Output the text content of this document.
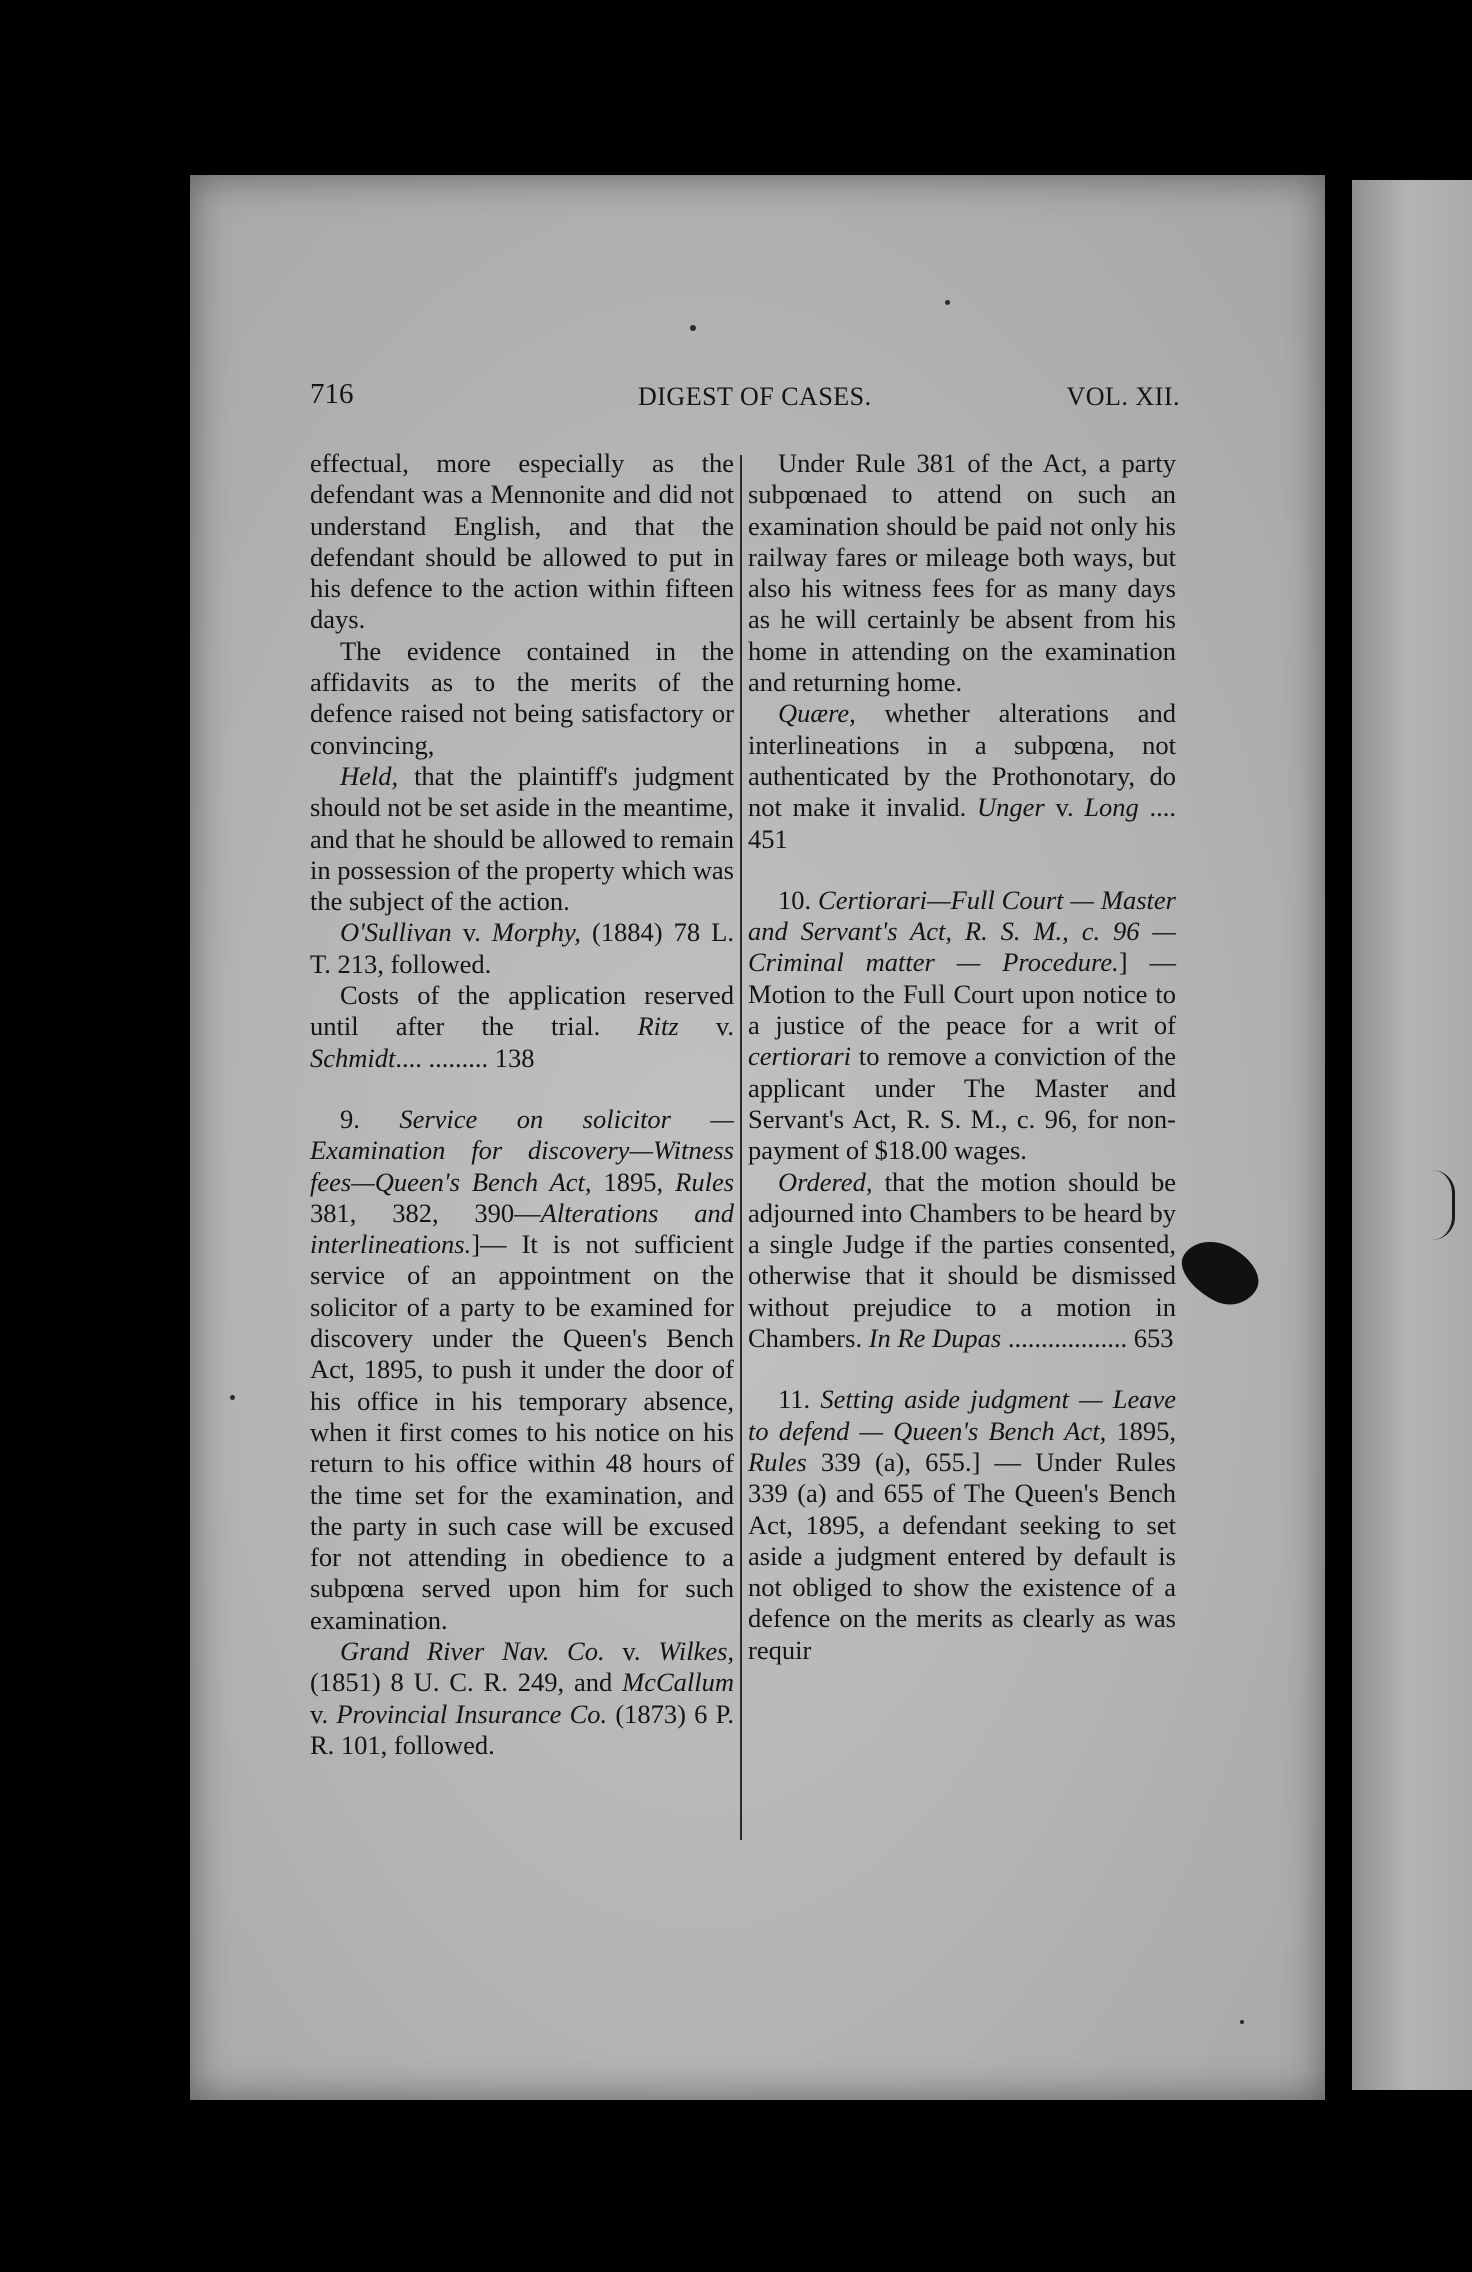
716	DIGEST OF CASES.	VOL. XII.

effectual, more especially as the defendant was a Mennonite and did not understand English, and that the defendant should be allowed to put in his defence to the action within fifteen days.

The evidence contained in the affidavits as to the merits of the defence raised not being satisfactory or convincing,

Held, that the plaintiff's judgment should not be set aside in the meantime, and that he should be allowed to remain in possession of the property which was the subject of the action.

O'Sullivan v. Morphy, (1884) 78 L. T. 213, followed.

Costs of the application reserved until after the trial. Ritz v. Schmidt.... ......... 138

9. Service on solicitor — Examination for discovery—Witness fees—Queen's Bench Act, 1895, Rules 381, 382, 390—Alterations and interlineations.]— It is not sufficient service of an appointment on the solicitor of a party to be examined for discovery under the Queen's Bench Act, 1895, to push it under the door of his office in his temporary absence, when it first comes to his notice on his return to his office within 48 hours of the time set for the examination, and the party in such case will be excused for not attending in obedience to a subpœna served upon him for such examination.

Grand River Nav. Co. v. Wilkes, (1851) 8 U. C. R. 249, and McCallum v. Provincial Insurance Co. (1873) 6 P. R. 101, followed.

Under Rule 381 of the Act, a party subpœnaed to attend on such an examination should be paid not only his railway fares or mileage both ways, but also his witness fees for as many days as he will certainly be absent from his home in attending on the examination and returning home.

Quære, whether alterations and interlineations in a subpœna, not authenticated by the Prothonotary, do not make it invalid. Unger v. Long .... 451

10. Certiorari—Full Court — Master and Servant's Act, R. S. M., c. 96 — Criminal matter — Procedure.] — Motion to the Full Court upon notice to a justice of the peace for a writ of certiorari to remove a conviction of the applicant under The Master and Servant's Act, R. S. M., c. 96, for non-payment of $18.00 wages.

Ordered, that the motion should be adjourned into Chambers to be heard by a single Judge if the parties consented, otherwise that it should be dismissed without prejudice to a motion in Chambers. In Re Dupas .................. 653

11. Setting aside judgment — Leave to defend — Queen's Bench Act, 1895, Rules 339 (a), 655.] — Under Rules 339 (a) and 655 of The Queen's Bench Act, 1895, a defendant seeking to set aside a judgment entered by default is not obliged to show the existence of a defence on the merits as clearly as was requir
